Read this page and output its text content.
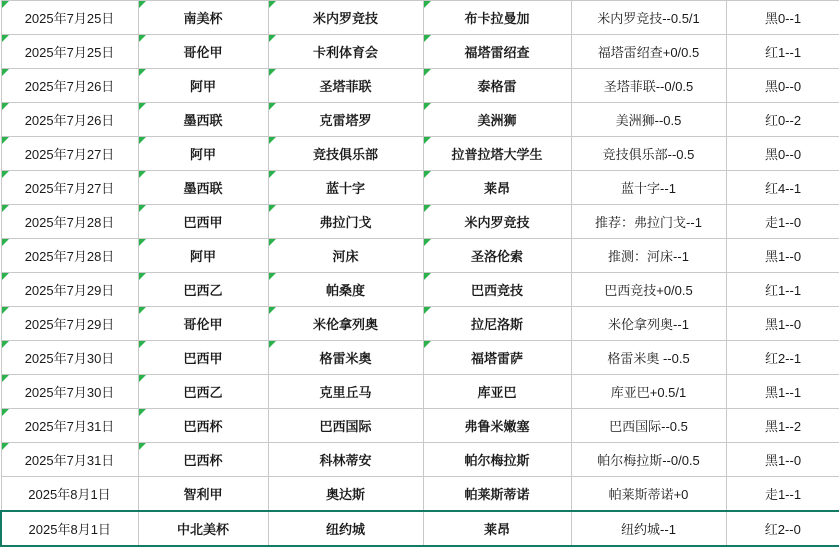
2025年7月25日	南美杯	米内罗竞技	布卡拉曼加	米内罗竞技--0.5/1	黑0--1
2025年7月25日	哥伦甲	卡利体育会	福塔雷绍查	福塔雷绍查+0/0.5	红1--1
2025年7月26日	阿甲	圣塔菲联	泰格雷	圣塔菲联--0/0.5	黑0--0
2025年7月26日	墨西联	克雷塔罗	美洲狮	美洲狮--0.5	红0--2
2025年7月27日	阿甲	竞技俱乐部	拉普拉塔大学生	竞技俱乐部--0.5	黑0--0
2025年7月27日	墨西联	蓝十字	莱昂	蓝十字--1	红4--1
2025年7月28日	巴西甲	弗拉门戈	米内罗竞技	推荐：弗拉门戈--1	走1--0
2025年7月28日	阿甲	河床	圣洛伦索	推测：河床--1	黑1--0
2025年7月29日	巴西乙	帕桑度	巴西竞技	巴西竞技+0/0.5	红1--1
2025年7月29日	哥伦甲	米伦拿列奥	拉尼洛斯	米伦拿列奥--1	黑1--0
2025年7月30日	巴西甲	格雷米奥	福塔雷萨	格雷米奥 --0.5	红2--1
2025年7月30日	巴西乙	克里丘马	库亚巴	库亚巴+0.5/1	黑1--1
2025年7月31日	巴西杯	巴西国际	弗鲁米嫩塞	巴西国际--0.5	黑1--2
2025年7月31日	巴西杯	科林蒂安	帕尔梅拉斯	帕尔梅拉斯--0/0.5	黑1--0
2025年8月1日	智利甲	奥达斯	帕莱斯蒂诺	帕莱斯蒂诺+0	走1--1
2025年8月1日	中北美杯	纽约城	莱昂	纽约城--1	红2--0
